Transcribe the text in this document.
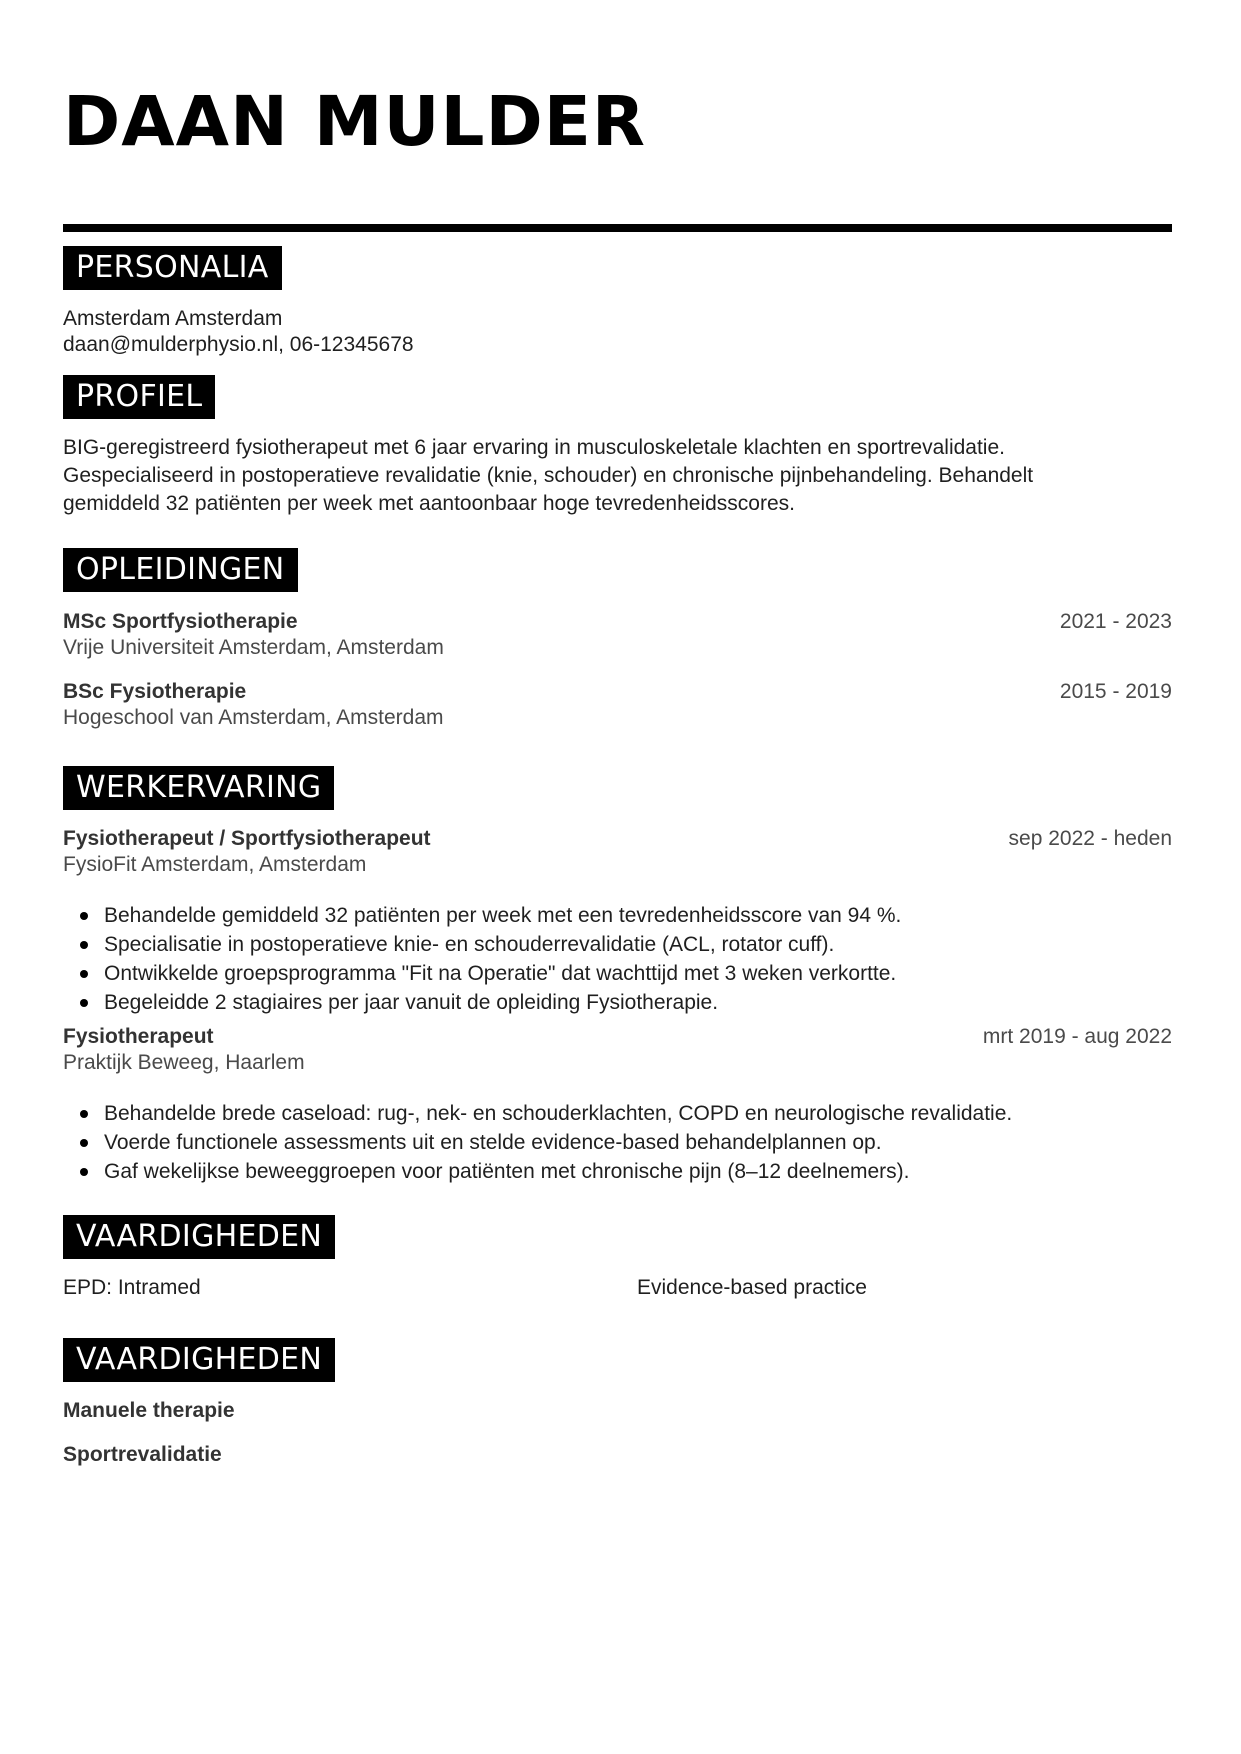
DAAN MULDER
PERSONALIA
Amsterdam Amsterdam
daan@mulderphysio.nl, 06-12345678
PROFIEL
BIG-geregistreerd fysiotherapeut met 6 jaar ervaring in musculoskeletale klachten en sportrevalidatie.
Gespecialiseerd in postoperatieve revalidatie (knie, schouder) en chronische pijnbehandeling. Behandelt
gemiddeld 32 patiënten per week met aantoonbaar hoge tevredenheidsscores.
OPLEIDINGEN
MSc Sportfysiotherapie	2021 - 2023
Vrije Universiteit Amsterdam, Amsterdam
BSc Fysiotherapie	2015 - 2019
Hogeschool van Amsterdam, Amsterdam
WERKERVARING
Fysiotherapeut / Sportfysiotherapeut	sep 2022 - heden
FysioFit Amsterdam, Amsterdam
Behandelde gemiddeld 32 patiënten per week met een tevredenheidsscore van 94 %.
Specialisatie in postoperatieve knie- en schouderrevalidatie (ACL, rotator cuff).
Ontwikkelde groepsprogramma "Fit na Operatie" dat wachttijd met 3 weken verkortte.
Begeleidde 2 stagiaires per jaar vanuit de opleiding Fysiotherapie.
Fysiotherapeut	mrt 2019 - aug 2022
Praktijk Beweeg, Haarlem
Behandelde brede caseload: rug-, nek- en schouderklachten, COPD en neurologische revalidatie.
Voerde functionele assessments uit en stelde evidence-based behandelplannen op.
Gaf wekelijkse beweeggroepen voor patiënten met chronische pijn (8–12 deelnemers).
VAARDIGHEDEN
EPD: Intramed	Evidence-based practice
VAARDIGHEDEN
Manuele therapie
Sportrevalidatie
